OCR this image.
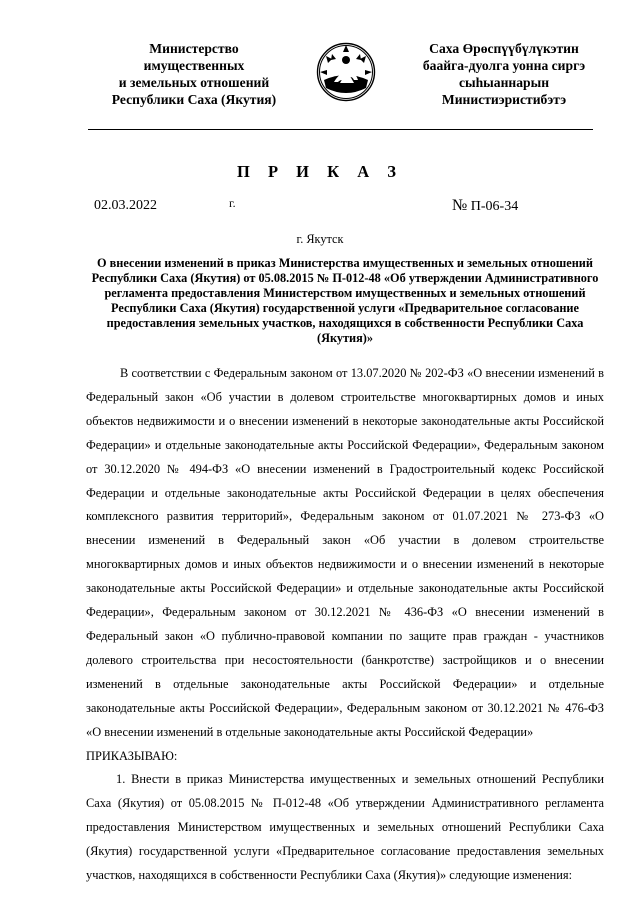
Министерство
имущественных
и земельных отношений
Республики Саха (Якутия)
Саха Өрөспүүбүлүкэтин
баайга-дуолга уонна сиргэ
сыһыаннарын
Министиэристибэтэ
П Р И К А З
02.03.2022	г.	№ П-06-34
г. Якутск
О внесении изменений в приказ Министерства имущественных и земельных отношений Республики Саха (Якутия) от 05.08.2015 № П-012-48 «Об утверждении Административного регламента предоставления Министерством имущественных и земельных отношений Республики Саха (Якутия) государственной услуги «Предварительное согласование предоставления земельных участков, находящихся в собственности Республики Саха (Якутия)»

В соответствии с Федеральным законом от 13.07.2020 № 202-ФЗ «О внесении изменений в Федеральный закон «Об участии в долевом строительстве многоквартирных домов и иных объектов недвижимости и о внесении изменений в некоторые законодательные акты Российской Федерации» и отдельные законодательные акты Российской Федерации», Федеральным законом от 30.12.2020 № 494-ФЗ «О внесении изменений в Градостроительный кодекс Российской Федерации и отдельные законодательные акты Российской Федерации в целях обеспечения комплексного развития территорий», Федеральным законом от 01.07.2021 № 273-ФЗ «О внесении изменений в Федеральный закон «Об участии в долевом строительстве многоквартирных домов и иных объектов недвижимости и о внесении изменений в некоторые законодательные акты Российской Федерации» и отдельные законодательные акты Российской Федерации», Федеральным законом от 30.12.2021 № 436-ФЗ «О внесении изменений в Федеральный закон «О публично-правовой компании по защите прав граждан - участников долевого строительства при несостоятельности (банкротстве) застройщиков и о внесении изменений в отдельные законодательные акты Российской Федерации» и отдельные законодательные акты Российской Федерации», Федеральным законом от 30.12.2021 № 476-ФЗ «О внесении изменений в отдельные законодательные акты Российской Федерации»

ПРИКАЗЫВАЮ:

1. Внести в приказ Министерства имущественных и земельных отношений Республики Саха (Якутия) от 05.08.2015 № П-012-48 «Об утверждении Административного регламента предоставления Министерством имущественных и земельных отношений Республики Саха (Якутия) государственной услуги «Предварительное согласование предоставления земельных участков, находящихся в собственности Республики Саха (Якутия)» следующие изменения:
